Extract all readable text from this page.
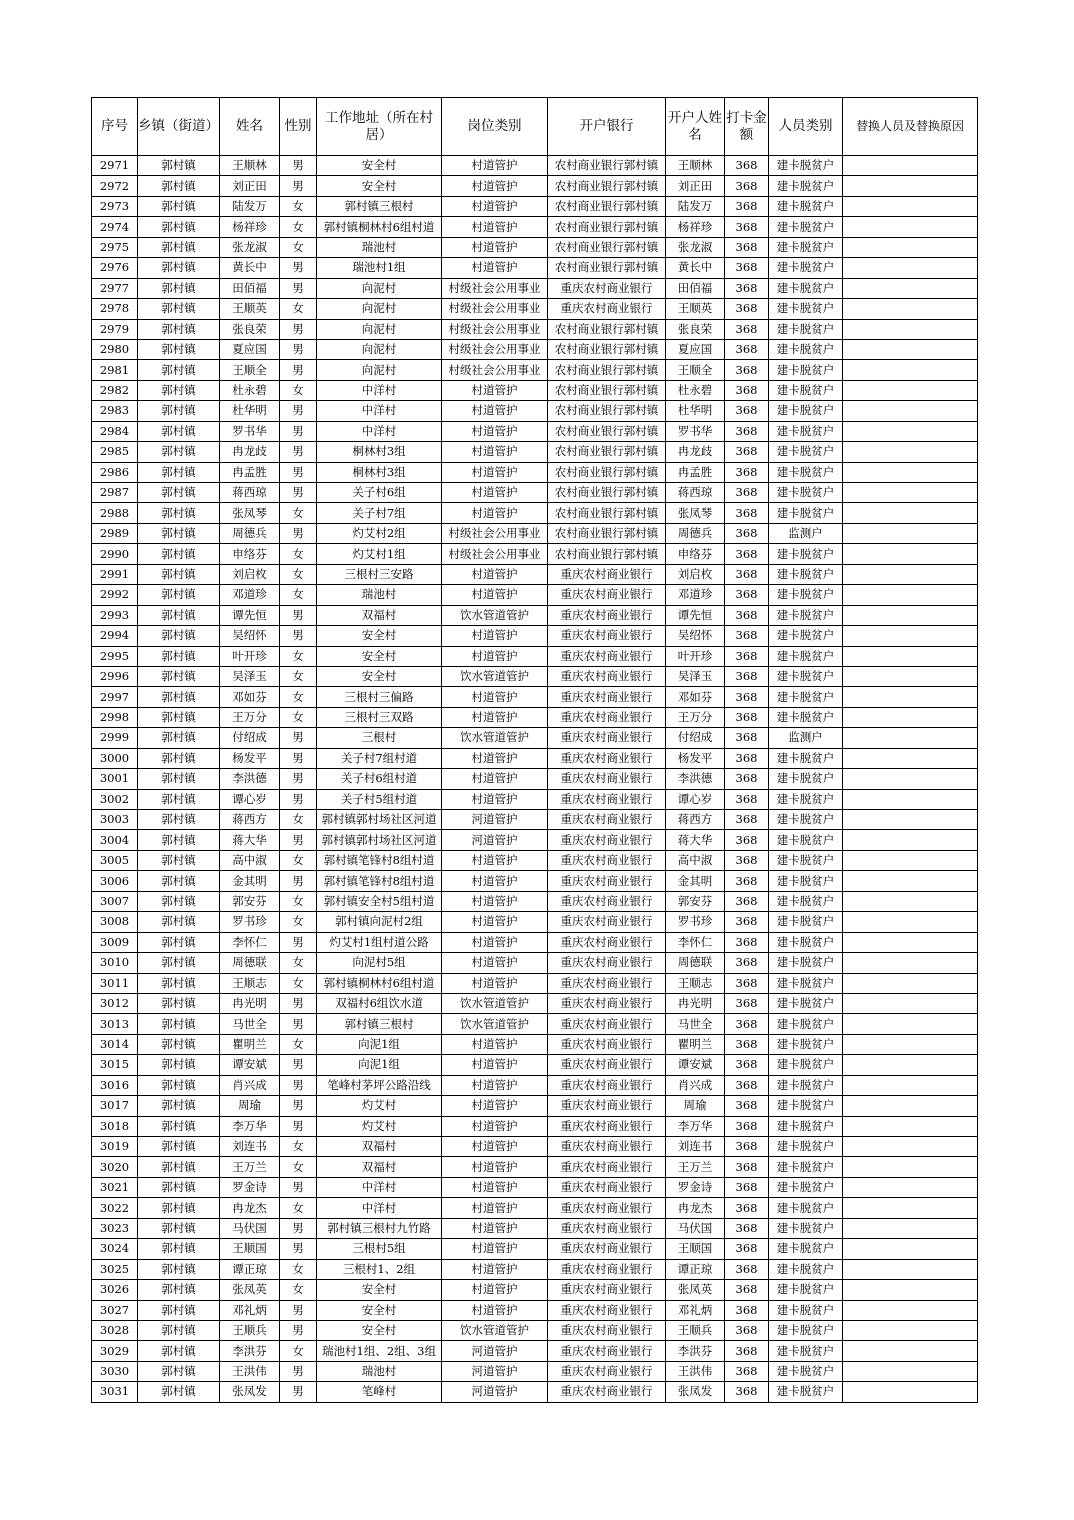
序号	乡镇（街道）	姓名	性别	工作地址（所在村居）	岗位类别	开户银行	开户人姓名	打卡金额	人员类别	替换人员及替换原因
2971	郭村镇	王顺林	男	安全村	村道管护	农村商业银行郭村镇	王顺林	368	建卡脱贫户	
2972	郭村镇	刘正田	男	安全村	村道管护	农村商业银行郭村镇	刘正田	368	建卡脱贫户	
2973	郭村镇	陆发万	女	郭村镇三根村	村道管护	农村商业银行郭村镇	陆发万	368	建卡脱贫户	
2974	郭村镇	杨祥珍	女	郭村镇桐林村6组村道	村道管护	农村商业银行郭村镇	杨祥珍	368	建卡脱贫户	
2975	郭村镇	张龙淑	女	瑞池村	村道管护	农村商业银行郭村镇	张龙淑	368	建卡脱贫户	
2976	郭村镇	黄长中	男	瑞池村1组	村道管护	农村商业银行郭村镇	黄长中	368	建卡脱贫户	
2977	郭村镇	田佰福	男	向泥村	村级社会公用事业	重庆农村商业银行	田佰福	368	建卡脱贫户	
2978	郭村镇	王顺英	女	向泥村	村级社会公用事业	重庆农村商业银行	王顺英	368	建卡脱贫户	
2979	郭村镇	张良荣	男	向泥村	村级社会公用事业	农村商业银行郭村镇	张良荣	368	建卡脱贫户	
2980	郭村镇	夏应国	男	向泥村	村级社会公用事业	农村商业银行郭村镇	夏应国	368	建卡脱贫户	
2981	郭村镇	王顺全	男	向泥村	村级社会公用事业	农村商业银行郭村镇	王顺全	368	建卡脱贫户	
2982	郭村镇	杜永碧	女	中洋村	村道管护	农村商业银行郭村镇	杜永碧	368	建卡脱贫户	
2983	郭村镇	杜华明	男	中洋村	村道管护	农村商业银行郭村镇	杜华明	368	建卡脱贫户	
2984	郭村镇	罗书华	男	中洋村	村道管护	农村商业银行郭村镇	罗书华	368	建卡脱贫户	
2985	郭村镇	冉龙歧	男	桐林村3组	村道管护	农村商业银行郭村镇	冉龙歧	368	建卡脱贫户	
2986	郭村镇	冉孟胜	男	桐林村3组	村道管护	农村商业银行郭村镇	冉孟胜	368	建卡脱贫户	
2987	郭村镇	蒋西琼	男	关子村6组	村道管护	农村商业银行郭村镇	蒋西琼	368	建卡脱贫户	
2988	郭村镇	张凤琴	女	关子村7组	村道管护	农村商业银行郭村镇	张凤琴	368	建卡脱贫户	
2989	郭村镇	周德兵	男	灼艾村2组	村级社会公用事业	农村商业银行郭村镇	周德兵	368	监测户	
2990	郭村镇	申络芬	女	灼艾村1组	村级社会公用事业	农村商业银行郭村镇	申络芬	368	建卡脱贫户	
2991	郭村镇	刘启枚	女	三根村三安路	村道管护	重庆农村商业银行	刘启枚	368	建卡脱贫户	
2992	郭村镇	邓道珍	女	瑞池村	村道管护	重庆农村商业银行	邓道珍	368	建卡脱贫户	
2993	郭村镇	谭先恒	男	双福村	饮水管道管护	重庆农村商业银行	谭先恒	368	建卡脱贫户	
2994	郭村镇	吴绍怀	男	安全村	村道管护	重庆农村商业银行	吴绍怀	368	建卡脱贫户	
2995	郭村镇	叶开珍	女	安全村	村道管护	重庆农村商业银行	叶开珍	368	建卡脱贫户	
2996	郭村镇	吴泽玉	女	安全村	饮水管道管护	重庆农村商业银行	吴泽玉	368	建卡脱贫户	
2997	郭村镇	邓如芬	女	三根村三偏路	村道管护	重庆农村商业银行	邓如芬	368	建卡脱贫户	
2998	郭村镇	王万分	女	三根村三双路	村道管护	重庆农村商业银行	王万分	368	建卡脱贫户	
2999	郭村镇	付绍成	男	三根村	饮水管道管护	重庆农村商业银行	付绍成	368	监测户	
3000	郭村镇	杨发平	男	关子村7组村道	村道管护	重庆农村商业银行	杨发平	368	建卡脱贫户	
3001	郭村镇	李洪德	男	关子村6组村道	村道管护	重庆农村商业银行	李洪德	368	建卡脱贫户	
3002	郭村镇	谭心岁	男	关子村5组村道	村道管护	重庆农村商业银行	谭心岁	368	建卡脱贫户	
3003	郭村镇	蒋西方	女	郭村镇郭村场社区河道	河道管护	重庆农村商业银行	蒋西方	368	建卡脱贫户	
3004	郭村镇	蒋大华	男	郭村镇郭村场社区河道	河道管护	重庆农村商业银行	蒋大华	368	建卡脱贫户	
3005	郭村镇	高中淑	女	郭村镇笔锋村8组村道	村道管护	重庆农村商业银行	高中淑	368	建卡脱贫户	
3006	郭村镇	金其明	男	郭村镇笔锋村8组村道	村道管护	重庆农村商业银行	金其明	368	建卡脱贫户	
3007	郭村镇	郭安芬	女	郭村镇安全村5组村道	村道管护	重庆农村商业银行	郭安芬	368	建卡脱贫户	
3008	郭村镇	罗书珍	女	郭村镇向泥村2组	村道管护	重庆农村商业银行	罗书珍	368	建卡脱贫户	
3009	郭村镇	李怀仁	男	灼艾村1组村道公路	村道管护	重庆农村商业银行	李怀仁	368	建卡脱贫户	
3010	郭村镇	周德联	女	向泥村5组	村道管护	重庆农村商业银行	周德联	368	建卡脱贫户	
3011	郭村镇	王顺志	女	郭村镇桐林村6组村道	村道管护	重庆农村商业银行	王顺志	368	建卡脱贫户	
3012	郭村镇	冉光明	男	双福村6组饮水道	饮水管道管护	重庆农村商业银行	冉光明	368	建卡脱贫户	
3013	郭村镇	马世全	男	郭村镇三根村	饮水管道管护	重庆农村商业银行	马世全	368	建卡脱贫户	
3014	郭村镇	瞿明兰	女	向泥1组	村道管护	重庆农村商业银行	瞿明兰	368	建卡脱贫户	
3015	郭村镇	谭安斌	男	向泥1组	村道管护	重庆农村商业银行	谭安斌	368	建卡脱贫户	
3016	郭村镇	肖兴成	男	笔峰村茅坪公路沿线	村道管护	重庆农村商业银行	肖兴成	368	建卡脱贫户	
3017	郭村镇	周瑜	男	灼艾村	村道管护	重庆农村商业银行	周瑜	368	建卡脱贫户	
3018	郭村镇	李万华	男	灼艾村	村道管护	重庆农村商业银行	李万华	368	建卡脱贫户	
3019	郭村镇	刘连书	女	双福村	村道管护	重庆农村商业银行	刘连书	368	建卡脱贫户	
3020	郭村镇	王万兰	女	双福村	村道管护	重庆农村商业银行	王万兰	368	建卡脱贫户	
3021	郭村镇	罗金诗	男	中洋村	村道管护	重庆农村商业银行	罗金诗	368	建卡脱贫户	
3022	郭村镇	冉龙杰	女	中洋村	村道管护	重庆农村商业银行	冉龙杰	368	建卡脱贫户	
3023	郭村镇	马伏国	男	郭村镇三根村九竹路	村道管护	重庆农村商业银行	马伏国	368	建卡脱贫户	
3024	郭村镇	王顺国	男	三根村5组	村道管护	重庆农村商业银行	王顺国	368	建卡脱贫户	
3025	郭村镇	谭正琼	女	三根村1、2组	村道管护	重庆农村商业银行	谭正琼	368	建卡脱贫户	
3026	郭村镇	张凤英	女	安全村	村道管护	重庆农村商业银行	张凤英	368	建卡脱贫户	
3027	郭村镇	邓礼炳	男	安全村	村道管护	重庆农村商业银行	邓礼炳	368	建卡脱贫户	
3028	郭村镇	王顺兵	男	安全村	饮水管道管护	重庆农村商业银行	王顺兵	368	建卡脱贫户	
3029	郭村镇	李洪芬	女	瑞池村1组、2组、3组	河道管护	重庆农村商业银行	李洪芬	368	建卡脱贫户	
3030	郭村镇	王洪伟	男	瑞池村	河道管护	重庆农村商业银行	王洪伟	368	建卡脱贫户	
3031	郭村镇	张凤发	男	笔峰村	河道管护	重庆农村商业银行	张凤发	368	建卡脱贫户	
